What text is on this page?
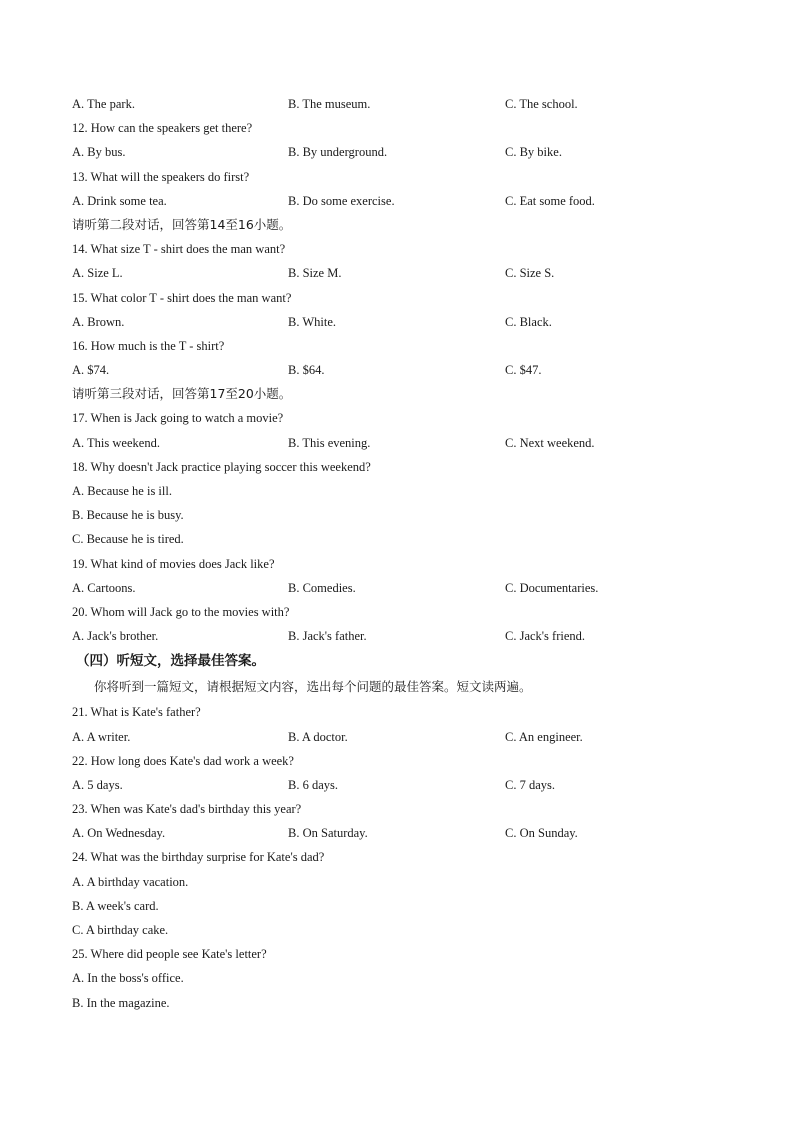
A. The park.	B. The museum.	C. The school.
12. How can the speakers get there?
A. By bus.	B. By underground.	C. By bike.
13. What will the speakers do first?
A. Drink some tea.	B. Do some exercise.	C. Eat some food.
请听第二段对话，回答第14至16小题。
14. What size T - shirt does the man want?
A. Size L.	B. Size M.	C. Size S.
15. What color T - shirt does the man want?
A. Brown.	B. White.	C. Black.
16. How much is the T - shirt?
A. $74.	B. $64.	C. $47.
请听第三段对话，回答第17至20小题。
17. When is Jack going to watch a movie?
A. This weekend.	B. This evening.	C. Next weekend.
18. Why doesn't Jack practice playing soccer this weekend?
A. Because he is ill.
B. Because he is busy.
C. Because he is tired.
19. What kind of movies does Jack like?
A. Cartoons.	B. Comedies.	C. Documentaries.
20. Whom will Jack go to the movies with?
A. Jack's brother.	B. Jack's father.	C. Jack's friend.
（四）听短文，选择最佳答案。
你将听到一篇短文，请根据短文内容，选出每个问题的最佳答案。短文读两遍。
21. What is Kate's father?
A. A writer.	B. A doctor.	C. An engineer.
22. How long does Kate's dad work a week?
A. 5 days.	B. 6 days.	C. 7 days.
23. When was Kate's dad's birthday this year?
A. On Wednesday.	B. On Saturday.	C. On Sunday.
24. What was the birthday surprise for Kate's dad?
A. A birthday vacation.
B. A week's card.
C. A birthday cake.
25. Where did people see Kate's letter?
A. In the boss's office.
B. In the magazine.
